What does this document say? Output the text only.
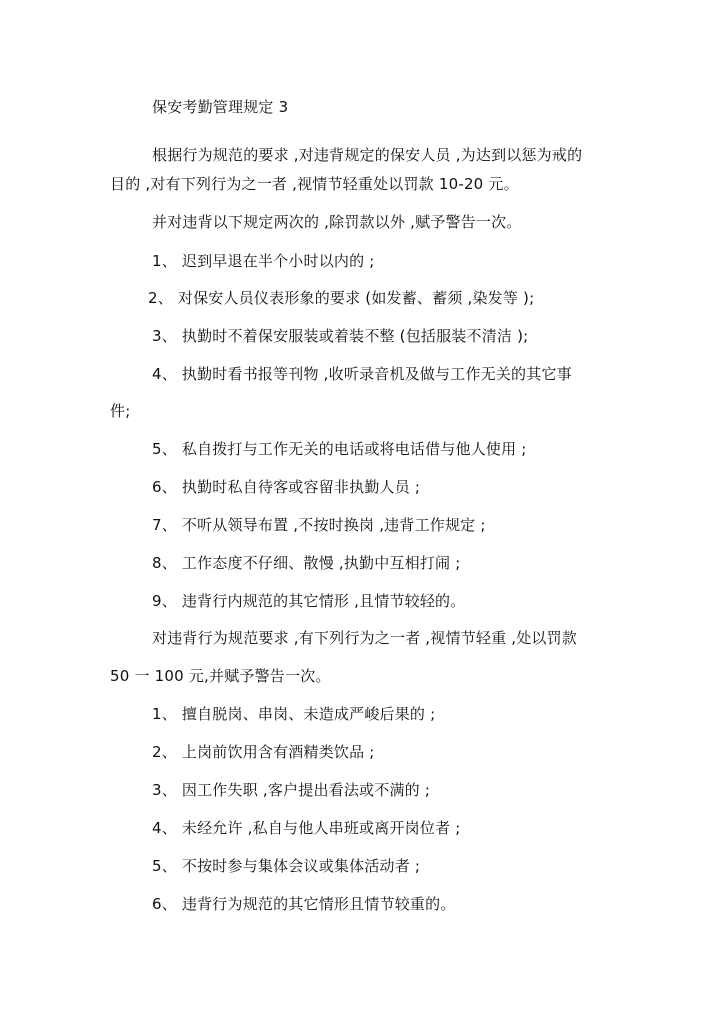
保安考勤管理规定 3
根据行为规范的要求 ,对违背规定的保安人员 ,为达到以惩为戒的
目的 ,对有下列行为之一者 ,视情节轻重处以罚款 10-20 元。
并对违背以下规定两次的 ,除罚款以外 ,赋予警告一次。
1、 迟到早退在半个小时以内的 ;
2、 对保安人员仪表形象的要求 (如发蓄、蓄须 ,染发等 );
3、 执勤时不着保安服装或着装不整 (包括服装不清洁 );
4、 执勤时看书报等刊物 ,收听录音机及做与工作无关的其它事
件;
5、 私自拨打与工作无关的电话或将电话借与他人使用 ;
6、 执勤时私自待客或容留非执勤人员 ;
7、 不听从领导布置 ,不按时换岗 ,违背工作规定 ;
8、 工作态度不仔细、散慢 ,执勤中互相打闹 ;
9、 违背行内规范的其它情形 ,且情节较轻的。
对违背行为规范要求 ,有下列行为之一者 ,视情节轻重 ,处以罚款
50 一 100 元,并赋予警告一次。
1、 擅自脱岗、串岗、未造成严峻后果的 ;
2、 上岗前饮用含有酒精类饮品 ;
3、 因工作失职 ,客户提出看法或不满的 ;
4、 未经允许 ,私自与他人串班或离开岗位者 ;
5、 不按时参与集体会议或集体活动者 ;
6、 违背行为规范的其它情形且情节较重的。
